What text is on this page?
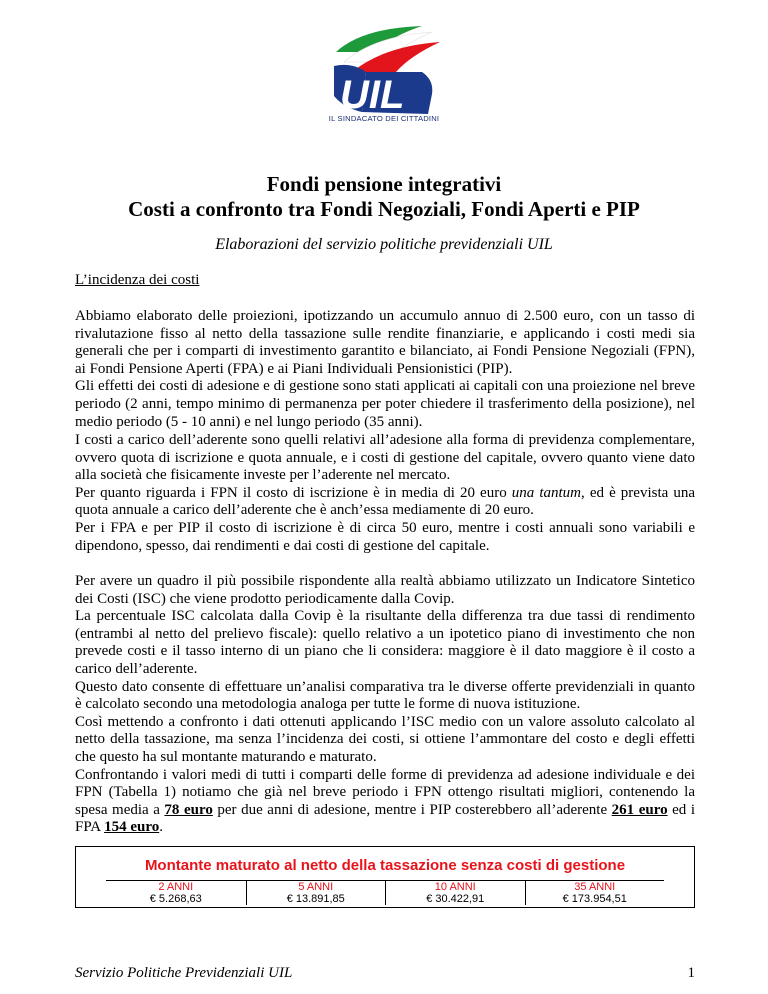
UIL
IL SINDACATO DEI CITTADINI
Fondi pensione integrativi
Costi a confronto tra Fondi Negoziali, Fondi Aperti e PIP
Elaborazioni del servizio politiche previdenziali UIL
L’incidenza dei costi

Abbiamo elaborato delle proiezioni, ipotizzando un accumulo annuo di 2.500 euro, con un tasso di rivalutazione fisso al netto della tassazione sulle rendite finanziarie, e applicando i costi medi sia generali che per i comparti di investimento garantito e bilanciato, ai Fondi Pensione Negoziali (FPN), ai Fondi Pensione Aperti (FPA) e ai Piani Individuali Pensionistici (PIP).

Gli effetti dei costi di adesione e di gestione sono stati applicati ai capitali con una proiezione nel breve periodo (2 anni, tempo minimo di permanenza per poter chiedere il trasferimento della posizione), nel medio periodo (5 - 10 anni) e nel lungo periodo (35 anni).

I costi a carico dell’aderente sono quelli relativi all’adesione alla forma di previdenza complementare, ovvero quota di iscrizione e quota annuale, e i costi di gestione del capitale, ovvero quanto viene dato alla società che fisicamente investe per l’aderente nel mercato.

Per quanto riguarda i FPN il costo di iscrizione è in media di 20 euro una tantum, ed è prevista una quota annuale a carico dell’aderente che è anch’essa mediamente di 20 euro.

Per i FPA e per PIP il costo di iscrizione è di circa 50 euro, mentre i costi annuali sono variabili e dipendono, spesso, dai rendimenti e dai costi di gestione del capitale.

Per avere un quadro il più possibile rispondente alla realtà abbiamo utilizzato un Indicatore Sintetico dei Costi (ISC) che viene prodotto periodicamente dalla Covip.

La percentuale ISC calcolata dalla Covip è la risultante della differenza tra due tassi di rendimento (entrambi al netto del prelievo fiscale): quello relativo a un ipotetico piano di investimento che non prevede costi e il tasso interno di un piano che li considera: maggiore è il dato maggiore è il costo a carico dell’aderente.

Questo dato consente di effettuare un’analisi comparativa tra le diverse offerte previdenziali in quanto è calcolato secondo una metodologia analoga per tutte le forme di nuova istituzione.

Così mettendo a confronto i dati ottenuti applicando l’ISC medio con un valore assoluto calcolato al netto della tassazione, ma senza l’incidenza dei costi, si ottiene l’ammontare del costo e degli effetti che questo ha sul montante maturando e maturato.

Confrontando i valori medi di tutti i comparti delle forme di previdenza ad adesione individuale e dei FPN (Tabella 1) notiamo che già nel breve periodo i FPN ottengo risultati migliori, contenendo la spesa media a 78 euro per due anni di adesione, mentre i PIP costerebbero all’aderente 261 euro ed i FPA 154 euro.

Montante maturato al netto della tassazione senza costi di gestione
2 ANNI
€ 5.268,63
5 ANNI
€ 13.891,85
10 ANNI
€ 30.422,91
35 ANNI
€ 173.954,51
Servizio Politiche Previdenziali UIL	1
